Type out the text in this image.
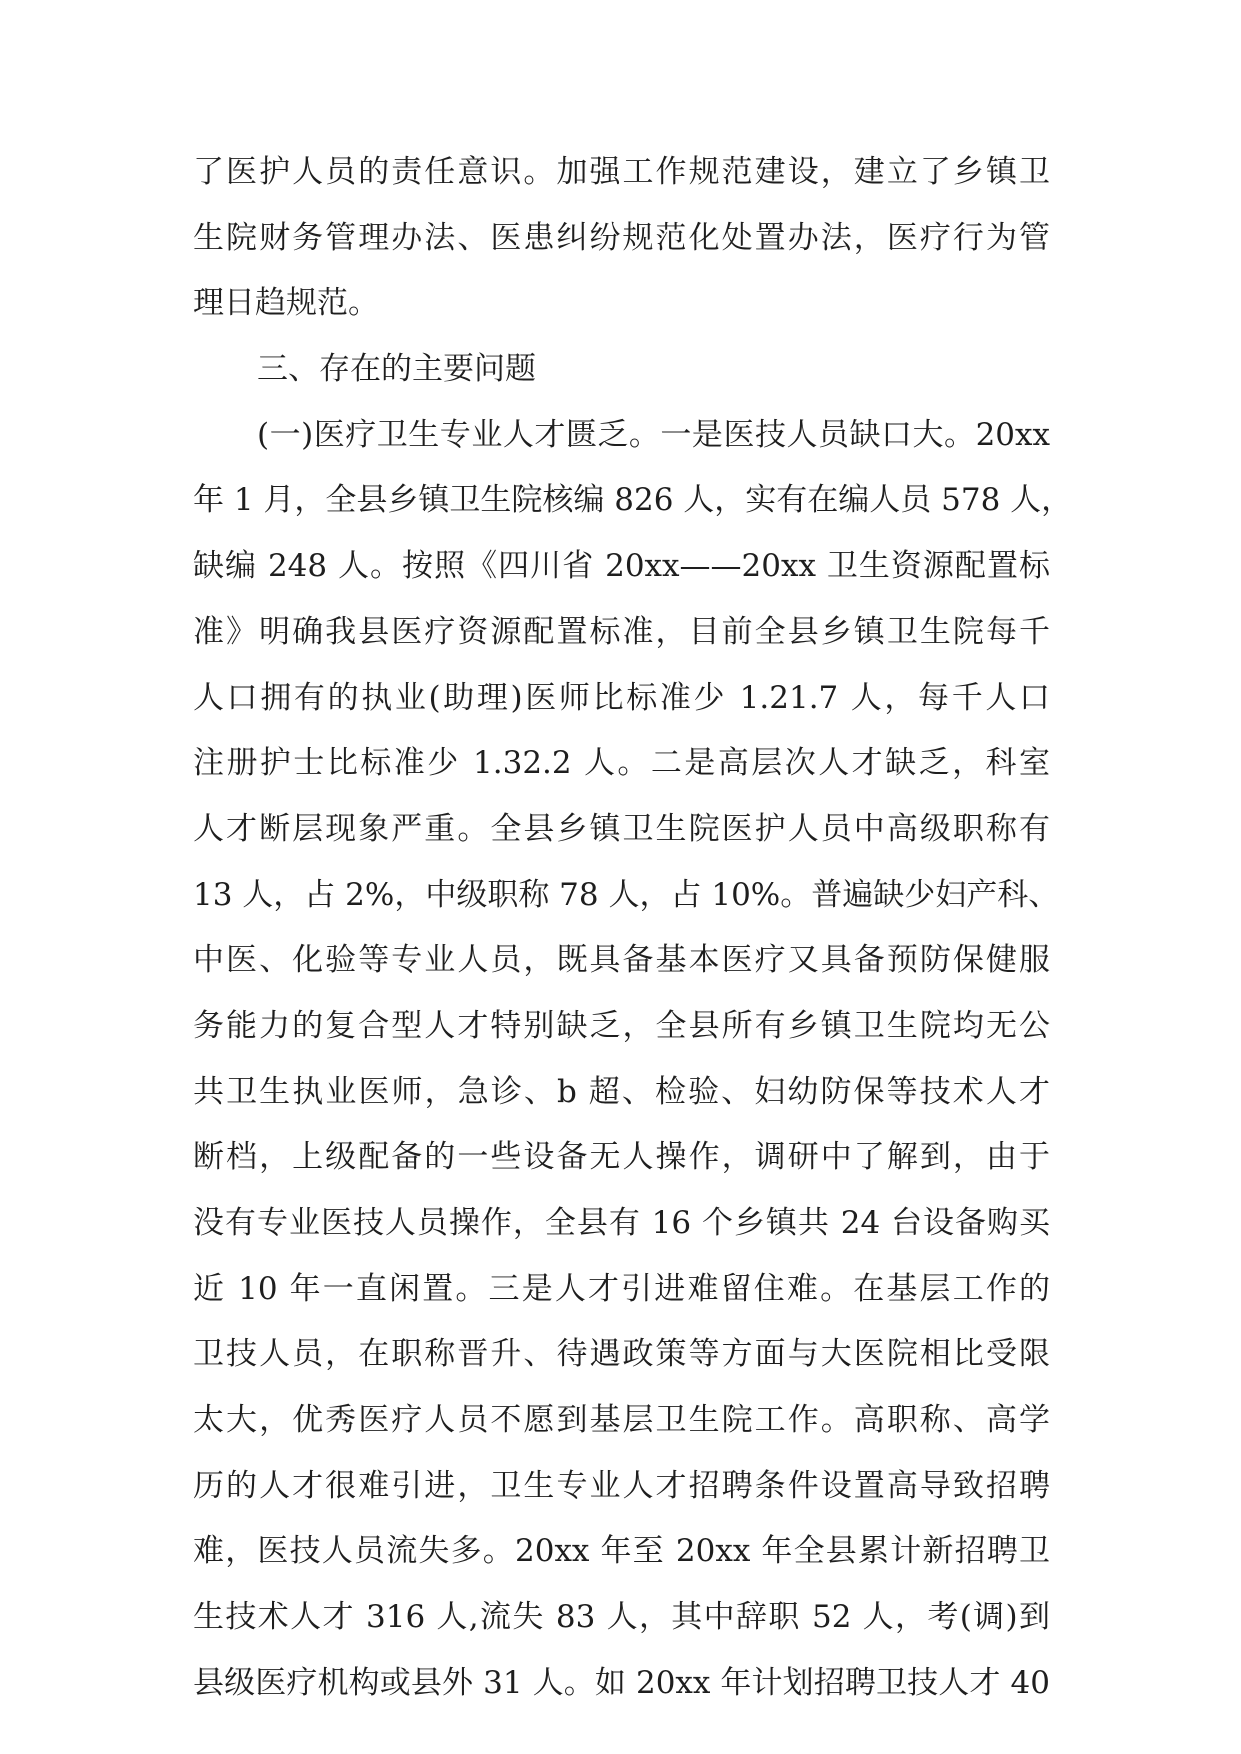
了医护人员的责任意识。加强工作规范建设，建立了乡镇卫
生院财务管理办法、医患纠纷规范化处置办法，医疗行为管
理日趋规范。
三、存在的主要问题
(一)医疗卫生专业人才匮乏。一是医技人员缺口大。20xx
年 1 月，全县乡镇卫生院核编 826 人，实有在编人员 578 人，
缺编 248 人。按照《四川省 20xx——20xx 卫生资源配置标
准》明确我县医疗资源配置标准，目前全县乡镇卫生院每千
人口拥有的执业(助理)医师比标准少 1.21.7 人，每千人口
注册护士比标准少 1.32.2 人。二是高层次人才缺乏，科室
人才断层现象严重。全县乡镇卫生院医护人员中高级职称有
13 人，占 2%，中级职称 78 人，占 10%。普遍缺少妇产科、
中医、化验等专业人员，既具备基本医疗又具备预防保健服
务能力的复合型人才特别缺乏，全县所有乡镇卫生院均无公
共卫生执业医师，急诊、b 超、检验、妇幼防保等技术人才
断档，上级配备的一些设备无人操作，调研中了解到，由于
没有专业医技人员操作，全县有 16 个乡镇共 24 台设备购买
近 10 年一直闲置。三是人才引进难留住难。在基层工作的
卫技人员，在职称晋升、待遇政策等方面与大医院相比受限
太大，优秀医疗人员不愿到基层卫生院工作。高职称、高学
历的人才很难引进，卫生专业人才招聘条件设置高导致招聘
难，医技人员流失多。20xx 年至 20xx 年全县累计新招聘卫
生技术人才 316 人,流失 83 人，其中辞职 52 人，考(调)到
县级医疗机构或县外 31 人。如 20xx 年计划招聘卫技人才 40
